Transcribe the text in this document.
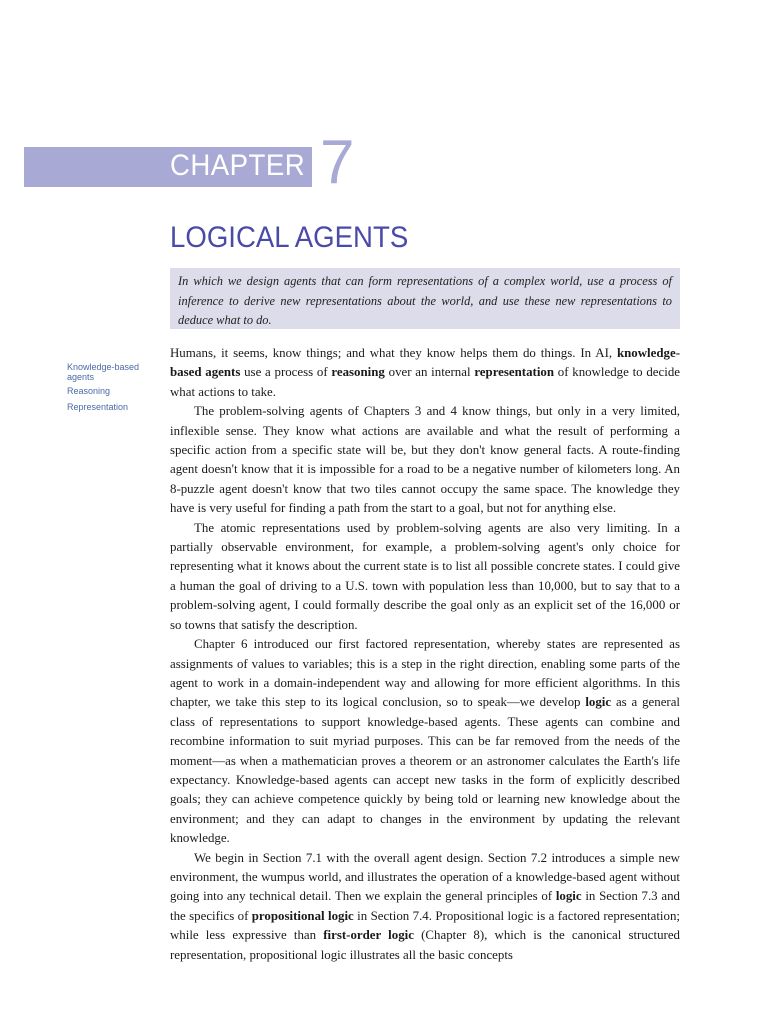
CHAPTER 7
LOGICAL AGENTS
In which we design agents that can form representations of a complex world, use a process of inference to derive new representations about the world, and use these new representations to deduce what to do.
Knowledge-based agents
Reasoning
Representation

Humans, it seems, know things; and what they know helps them do things. In AI, knowledge-based agents use a process of reasoning over an internal representation of knowledge to decide what actions to take.

The problem-solving agents of Chapters 3 and 4 know things, but only in a very limited, inflexible sense. They know what actions are available and what the result of performing a specific action from a specific state will be, but they don't know general facts. A route-finding agent doesn't know that it is impossible for a road to be a negative number of kilometers long. An 8-puzzle agent doesn't know that two tiles cannot occupy the same space. The knowledge they have is very useful for finding a path from the start to a goal, but not for anything else.

The atomic representations used by problem-solving agents are also very limiting. In a partially observable environment, for example, a problem-solving agent's only choice for representing what it knows about the current state is to list all possible concrete states. I could give a human the goal of driving to a U.S. town with population less than 10,000, but to say that to a problem-solving agent, I could formally describe the goal only as an explicit set of the 16,000 or so towns that satisfy the description.

Chapter 6 introduced our first factored representation, whereby states are represented as assignments of values to variables; this is a step in the right direction, enabling some parts of the agent to work in a domain-independent way and allowing for more efficient algorithms. In this chapter, we take this step to its logical conclusion, so to speak—we develop logic as a general class of representations to support knowledge-based agents. These agents can combine and recombine information to suit myriad purposes. This can be far removed from the needs of the moment—as when a mathematician proves a theorem or an astronomer calculates the Earth's life expectancy. Knowledge-based agents can accept new tasks in the form of explicitly described goals; they can achieve competence quickly by being told or learning new knowledge about the environment; and they can adapt to changes in the environment by updating the relevant knowledge.

We begin in Section 7.1 with the overall agent design. Section 7.2 introduces a simple new environment, the wumpus world, and illustrates the operation of a knowledge-based agent without going into any technical detail. Then we explain the general principles of logic in Section 7.3 and the specifics of propositional logic in Section 7.4. Propositional logic is a factored representation; while less expressive than first-order logic (Chapter 8), which is the canonical structured representation, propositional logic illustrates all the basic concepts
